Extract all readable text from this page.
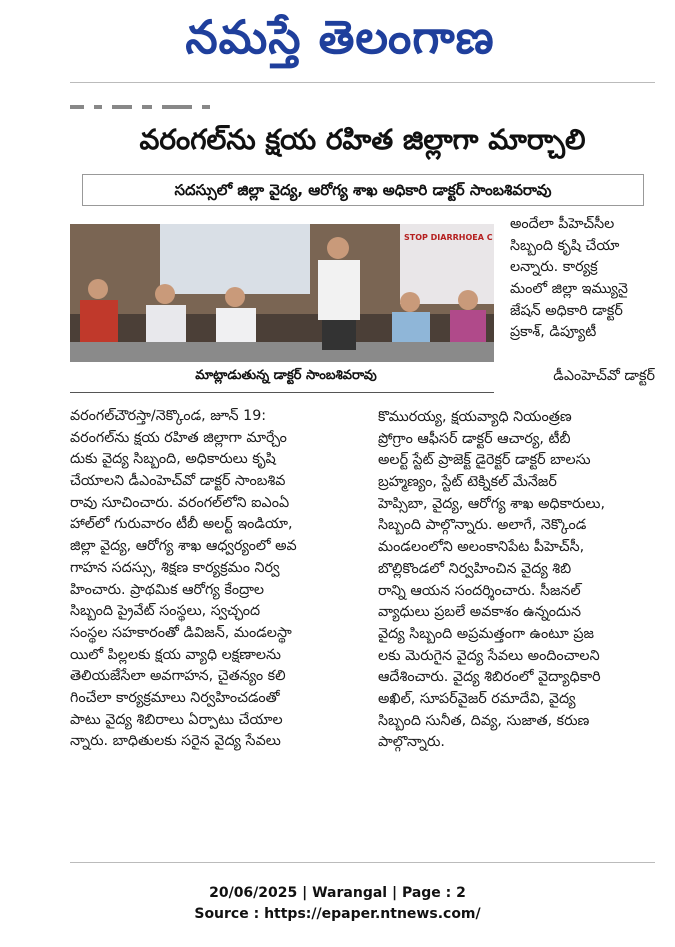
నమస్తే తెలంగాణ
వరంగల్‌ను క్షయ రహిత జిల్లాగా మార్చాలి
సదస్సులో జిల్లా వైద్య, ఆరోగ్య శాఖ అధికారి డాక్టర్ సాంబశివరావు
STOP DIARRHOEA C
మాట్లాడుతున్న డాక్టర్ సాంబశివరావు
అందేలా పీహెచ్‌సీల
సిబ్బంది కృషి చేయా
లన్నారు. కార్యక్ర
మంలో జిల్లా ఇమ్యునై
జేషన్ అధికారి డాక్టర్
ప్రకాశ్, డిప్యూటీ
డీఎంహెచ్‌వో డాక్టర్
వరంగల్‌చౌరస్తా/నెక్కొండ, జూన్ 19:
వరంగల్‌ను క్షయ రహిత జిల్లాగా మార్చేం
దుకు వైద్య సిబ్బంది, అధికారులు కృషి
చేయాలని డీఎంహెచ్‌వో డాక్టర్ సాంబశివ
రావు సూచించారు. వరంగల్‌లోని ఐఎంఏ
హాల్‌లో గురువారం టీబీ అలర్ట్ ఇండియా,
జిల్లా వైద్య, ఆరోగ్య శాఖ ఆధ్వర్యంలో అవ
గాహన సదస్సు, శిక్షణ కార్యక్రమం నిర్వ
హించారు. ప్రాథమిక ఆరోగ్య కేంద్రాల
సిబ్బంది ప్రైవేట్ సంస్థలు, స్వచ్ఛంద
సంస్థల సహకారంతో డివిజన్, మండలస్థా
యిలో పిల్లలకు క్షయ వ్యాధి లక్షణాలను
తెలియజేసేలా అవగాహన, చైతన్యం కలి
గించేలా కార్యక్రమాలు నిర్వహించడంతో
పాటు వైద్య శిబిరాలు ఏర్పాటు చేయాల
న్నారు. బాధితులకు సరైన వైద్య సేవలు
కొమురయ్య, క్షయవ్యాధి నియంత్రణ
ప్రోగ్రాం ఆఫీసర్ డాక్టర్ ఆచార్య, టీబీ
అలర్ట్ స్టేట్ ప్రాజెక్ట్ డైరెక్టర్ డాక్టర్ బాలసు
బ్రహ్మణ్యం, స్టేట్ టెక్నికల్ మేనేజర్
హెప్సిబా, వైద్య, ఆరోగ్య శాఖ అధికారులు,
సిబ్బంది పాల్గొన్నారు. అలాగే, నెక్కొండ
మండలంలోని అలంకానిపేట పీహెచ్‌సీ,
బొల్లికొండలో నిర్వహించిన వైద్య శిబి
రాన్ని ఆయన సందర్శించారు. సీజనల్
వ్యాధులు ప్రబలే అవకాశం ఉన్నందున
వైద్య సిబ్బంది అప్రమత్తంగా ఉంటూ ప్రజ
లకు మెరుగైన వైద్య సేవలు అందించాలని
ఆదేశించారు. వైద్య శిబిరంలో వైద్యాధికారి
అఖిల్, సూపర్‌వైజర్ రమాదేవి, వైద్య
సిబ్బంది సునీత, దివ్య, సుజాత, కరుణ
పాల్గొన్నారు.
20/06/2025 | Warangal | Page : 2
Source : https://epaper.ntnews.com/
